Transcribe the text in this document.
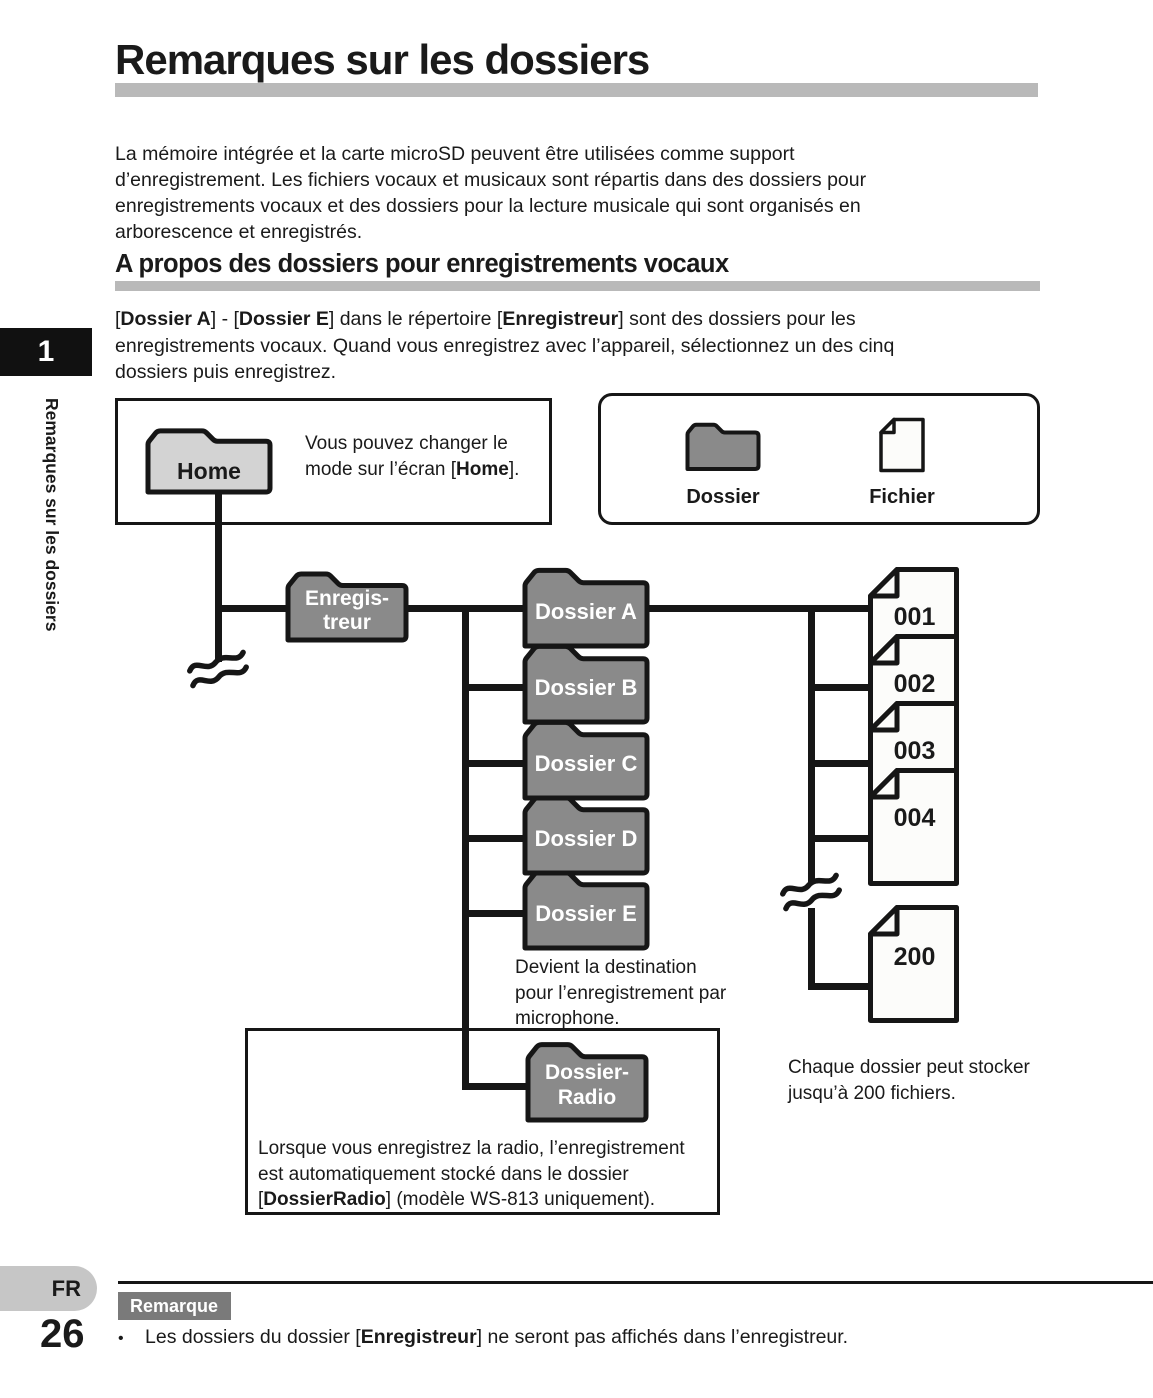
Remarques sur les dossiers
La mémoire intégrée et la carte microSD peuvent être utilisées comme support
d’enregistrement. Les fichiers vocaux et musicaux sont répartis dans des dossiers pour
enregistrements vocaux et des dossiers pour la lecture musicale qui sont organisés en
arborescence et enregistrés.
A propos des dossiers pour enregistrements vocaux
[Dossier A] - [Dossier E] dans le répertoire [Enregistreur] sont des dossiers pour les
enregistrements vocaux. Quand vous enregistrez avec l’appareil, sélectionnez un des cinq
dossiers puis enregistrez.
1
Remarques sur les dossiers	Home
Vous pouvez changer le
mode sur l’écran [Home].
Dossier	Fichier
Enregis-
treur
Dossier E
Dossier D
Dossier C
Dossier B
Dossier A	001
002
003
004
200
Dossier-
Radio
Devient la destination
pour l’enregistrement par
microphone.
Chaque dossier peut stocker
jusqu’à 200 fichiers.
Lorsque vous enregistrez la radio, l’enregistrement
est automatiquement stocké dans le dossier
[DossierRadio] (modèle WS-813 uniquement).
FR
26
Remarque
•	Les dossiers du dossier [Enregistreur] ne seront pas affichés dans l’enregistreur.
